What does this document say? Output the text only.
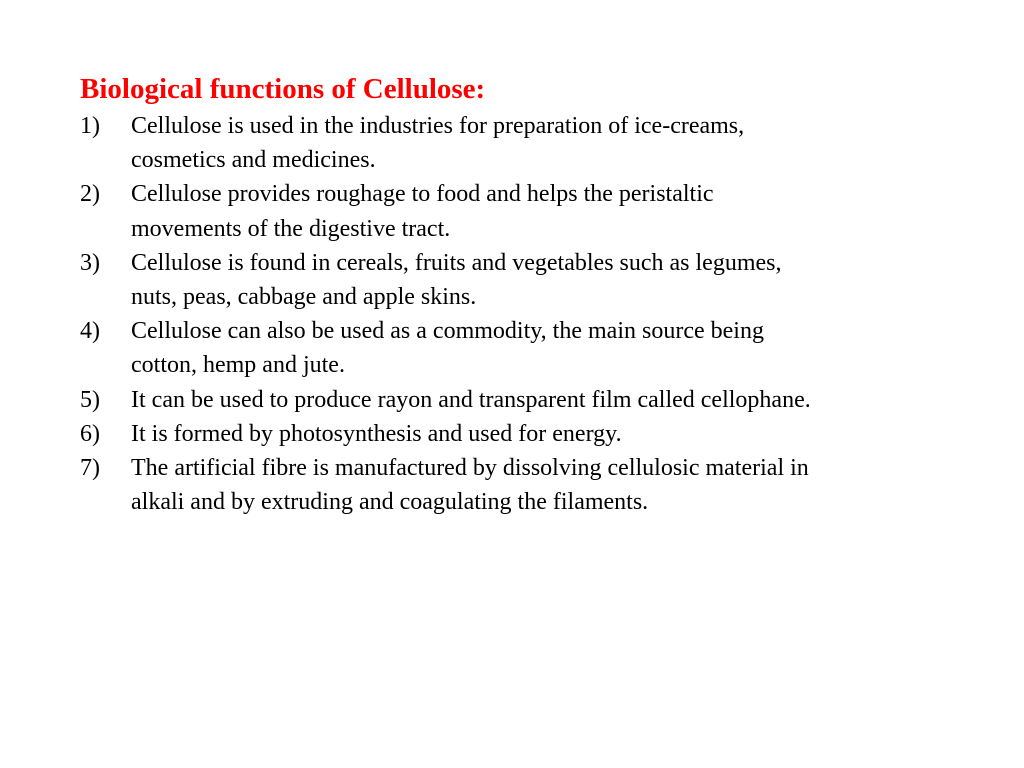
Biological functions of Cellulose:
1) Cellulose is used in the industries for preparation of ice-creams,
cosmetics and medicines.
2) Cellulose provides roughage to food and helps the peristaltic
movements of the digestive tract.
3) Cellulose is found in cereals, fruits and vegetables such as legumes,
nuts, peas, cabbage and apple skins.
4) Cellulose can also be used as a commodity, the main source being
cotton, hemp and jute.
5) It can be used to produce rayon and transparent film called cellophane.
6) It is formed by photosynthesis and used for energy.
7) The artificial fibre is manufactured by dissolving cellulosic material in
alkali and by extruding and coagulating the filaments.
